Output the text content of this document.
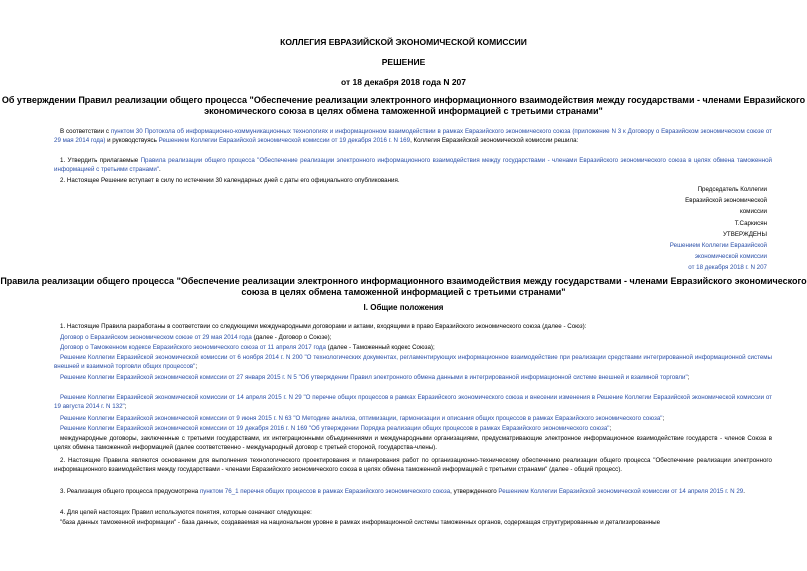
КОЛЛЕГИЯ ЕВРАЗИЙСКОЙ ЭКОНОМИЧЕСКОЙ КОМИССИИ
РЕШЕНИЕ
от 18 декабря 2018 года N 207
Об утверждении Правил реализации общего процесса "Обеспечение реализации электронного информационного взаимодействия между государствами - членами Евразийского экономического союза в целях обмена таможенной информацией с третьими странами"

В соответствии с пунктом 30 Протокола об информационно-коммуникационных технологиях и информационном взаимодействии в рамках Евразийского экономического союза (приложение N 3 к Договору о Евразийском экономическом союзе от 29 мая 2014 года) и руководствуясь Решением Коллегии Евразийской экономической комиссии от 19 декабря 2016 г. N 169, Коллегия Евразийской экономической комиссии решила:

1. Утвердить прилагаемые Правила реализации общего процесса "Обеспечение реализации электронного информационного взаимодействия между государствами - членами Евразийского экономического союза в целях обмена таможенной информацией с третьими странами".

2. Настоящее Решение вступает в силу по истечении 30 календарных дней с даты его официального опубликования.

Председатель Коллегии
Евразийской экономической
комиссии
Т.Саркисян
УТВЕРЖДЕНЫ
Решением Коллегии Евразийской
экономической комиссии
от 18 декабря 2018 г. N 207
Правила реализации общего процесса "Обеспечение реализации электронного информационного взаимодействия между государствами - членами Евразийского экономического союза в целях обмена таможенной информацией с третьими странами"
I. Общие положения

1. Настоящие Правила разработаны в соответствии со следующими международными договорами и актами, входящими в право Евразийского экономического союза (далее - Союз):

Договор о Евразийском экономическом союзе от 29 мая 2014 года (далее - Договор о Союзе);

Договор о Таможенном кодексе Евразийского экономического союза от 11 апреля 2017 года (далее - Таможенный кодекс Союза);

Решение Коллегии Евразийской экономической комиссии от 6 ноября 2014 г. N 200 "О технологических документах, регламентирующих информационное взаимодействие при реализации средствами интегрированной информационной системы внешней и взаимной торговли общих процессов";

Решение Коллегии Евразийской экономической комиссии от 27 января 2015 г. N 5 "Об утверждении Правил электронного обмена данными в интегрированной информационной системе внешней и взаимной торговли";

Решение Коллегии Евразийской экономической комиссии от 14 апреля 2015 г. N 29 "О перечне общих процессов в рамках Евразийского экономического союза и внесении изменения в Решение Коллегии Евразийской экономической комиссии от 19 августа 2014 г. N 132";

Решение Коллегии Евразийской экономической комиссии от 9 июня 2015 г. N 63 "О Методике анализа, оптимизации, гармонизации и описания общих процессов в рамках Евразийского экономического союза";

Решение Коллегии Евразийской экономической комиссии от 19 декабря 2016 г. N 169 "Об утверждении Порядка реализации общих процессов в рамках Евразийского экономического союза";

международные договоры, заключенные с третьими государствами, их интеграционными объединениями и международными организациями, предусматривающие электронное информационное взаимодействие государств - членов Союза в целях обмена таможенной информацией (далее соответственно - международный договор с третьей стороной, государства-члены).

2. Настоящие Правила являются основанием для выполнения технологического проектирования и планирования работ по организационно-техническому обеспечению реализации общего процесса "Обеспечение реализации электронного информационного взаимодействия между государствами - членами Евразийского экономического союза в целях обмена таможенной информацией с третьими странами" (далее - общий процесс).

3. Реализация общего процесса предусмотрена пунктом 76_1 перечня общих процессов в рамках Евразийского экономического союза, утвержденного Решением Коллегии Евразийской экономической комиссии от 14 апреля 2015 г. N 29.

4. Для целей настоящих Правил используются понятия, которые означают следующее:

"база данных таможенной информации" - база данных, создаваемая на национальном уровне в рамках информационной системы таможенных органов, содержащая структурированные и детализированные
